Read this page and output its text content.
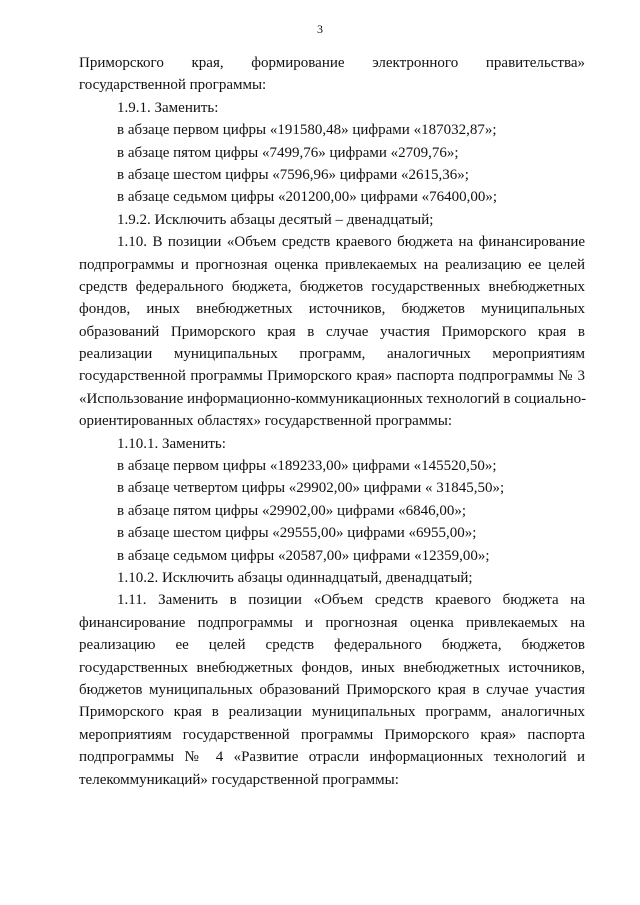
3
Приморского края, формирование электронного правительства»
государственной программы:
1.9.1. Заменить:
в абзаце первом цифры «191580,48» цифрами «187032,87»;
в абзаце пятом цифры «7499,76» цифрами «2709,76»;
в абзаце шестом цифры «7596,96» цифрами «2615,36»;
в абзаце седьмом цифры «201200,00» цифрами «76400,00»;
1.9.2. Исключить абзацы десятый – двенадцатый;
1.10. В позиции «Объем средств краевого бюджета на финансирование
подпрограммы и прогнозная оценка привлекаемых на реализацию ее целей
средств федерального бюджета, бюджетов государственных внебюджетных
фондов, иных внебюджетных источников, бюджетов муниципальных
образований Приморского края в случае участия Приморского края в
реализации муниципальных программ, аналогичных мероприятиям
государственной программы Приморского края» паспорта подпрограммы № 3
«Использование информационно-коммуникационных технологий в социально-
ориентированных областях» государственной программы:
1.10.1. Заменить:
в абзаце первом цифры «189233,00» цифрами «145520,50»;
в абзаце четвертом цифры «29902,00» цифрами « 31845,50»;
в абзаце пятом цифры «29902,00» цифрами «6846,00»;
в абзаце шестом цифры «29555,00» цифрами «6955,00»;
в абзаце седьмом цифры «20587,00» цифрами «12359,00»;
1.10.2. Исключить абзацы одиннадцатый, двенадцатый;
1.11. Заменить в позиции «Объем средств краевого бюджета на
финансирование подпрограммы и прогнозная оценка привлекаемых на
реализацию ее целей средств федерального бюджета, бюджетов
государственных внебюджетных фондов, иных внебюджетных источников,
бюджетов муниципальных образований Приморского края в случае участия
Приморского края в реализации муниципальных программ, аналогичных
мероприятиям государственной программы Приморского края» паспорта
подпрограммы № 4 «Развитие отрасли информационных технологий и
телекоммуникаций» государственной программы:
